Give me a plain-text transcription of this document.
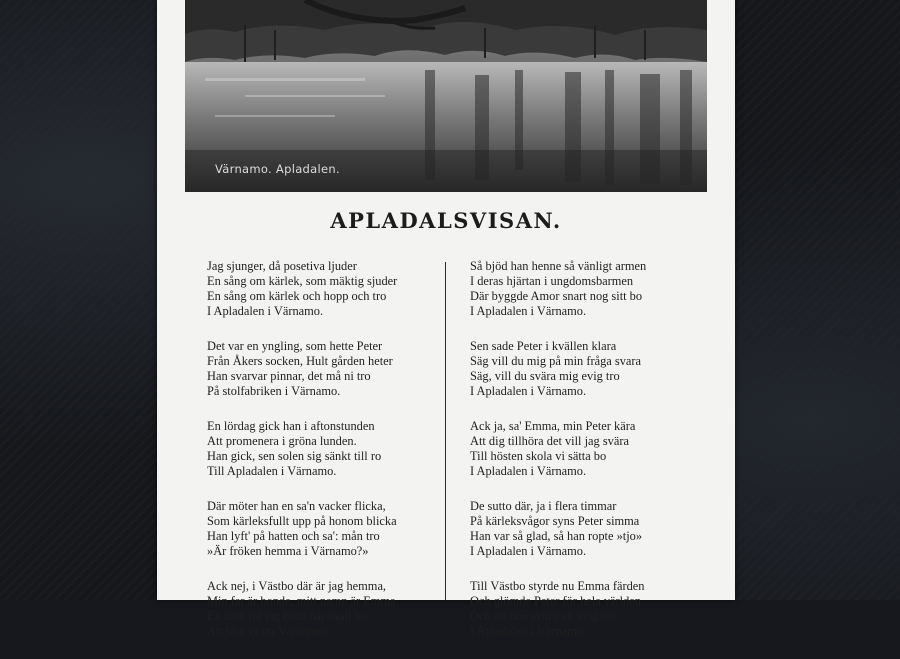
Värnamo. Apladalen.
APLADALSVISAN.
Jag sjunger, då posetiva ljuder
En sång om kärlek, som mäktig sjuder
En sång om kärlek och hopp och tro
I Apladalen i Värnamo.
Det var en yngling, som hette Peter
Från Åkers socken, Hult gården heter
Han svarvar pinnar, det må ni tro
På stolfabriken i Värnamo.
En lördag gick han i aftonstunden
Att promenera i gröna lunden.
Han gick, sen solen sig sänkt till ro
Till Apladalen i Värnamo.
Där möter han en sa'n vacker flicka,
Som kärleksfullt upp på honom blicka
Han lyft' på hatten och sa': mån tro
»Är fröken hemma i Värnamo?»
Ack nej, i Västbo där är jag hemma,
Min far är bonde, mitt namn är Emma.
En liten tid jag blott här skall bo
Att lära sy uti Värnamo.
Så bjöd han henne så vänligt armen
I deras hjärtan i ungdomsbarmen
Där byggde Amor snart nog sitt bo
I Apladalen i Värnamo.
Sen sade Peter i kvällen klara
Säg vill du mig på min fråga svara
Säg, vill du svära mig evig tro
I Apladalen i Värnamo.
Ack ja, sa' Emma, min Peter kära
Att dig tillhöra det vill jag svära
Till hösten skola vi sätta bo
I Apladalen i Värnamo.
De sutto där, ja i flera timmar
På kärleksvågor syns Peter simma
Han var så glad, så han ropte »tjo»
I Apladalen i Värnamo.
Till Västbo styrde nu Emma färden
Och glömde Peter för hela världen
Och att hon svurit en evig tro
I Apladalen i Värnamo.
